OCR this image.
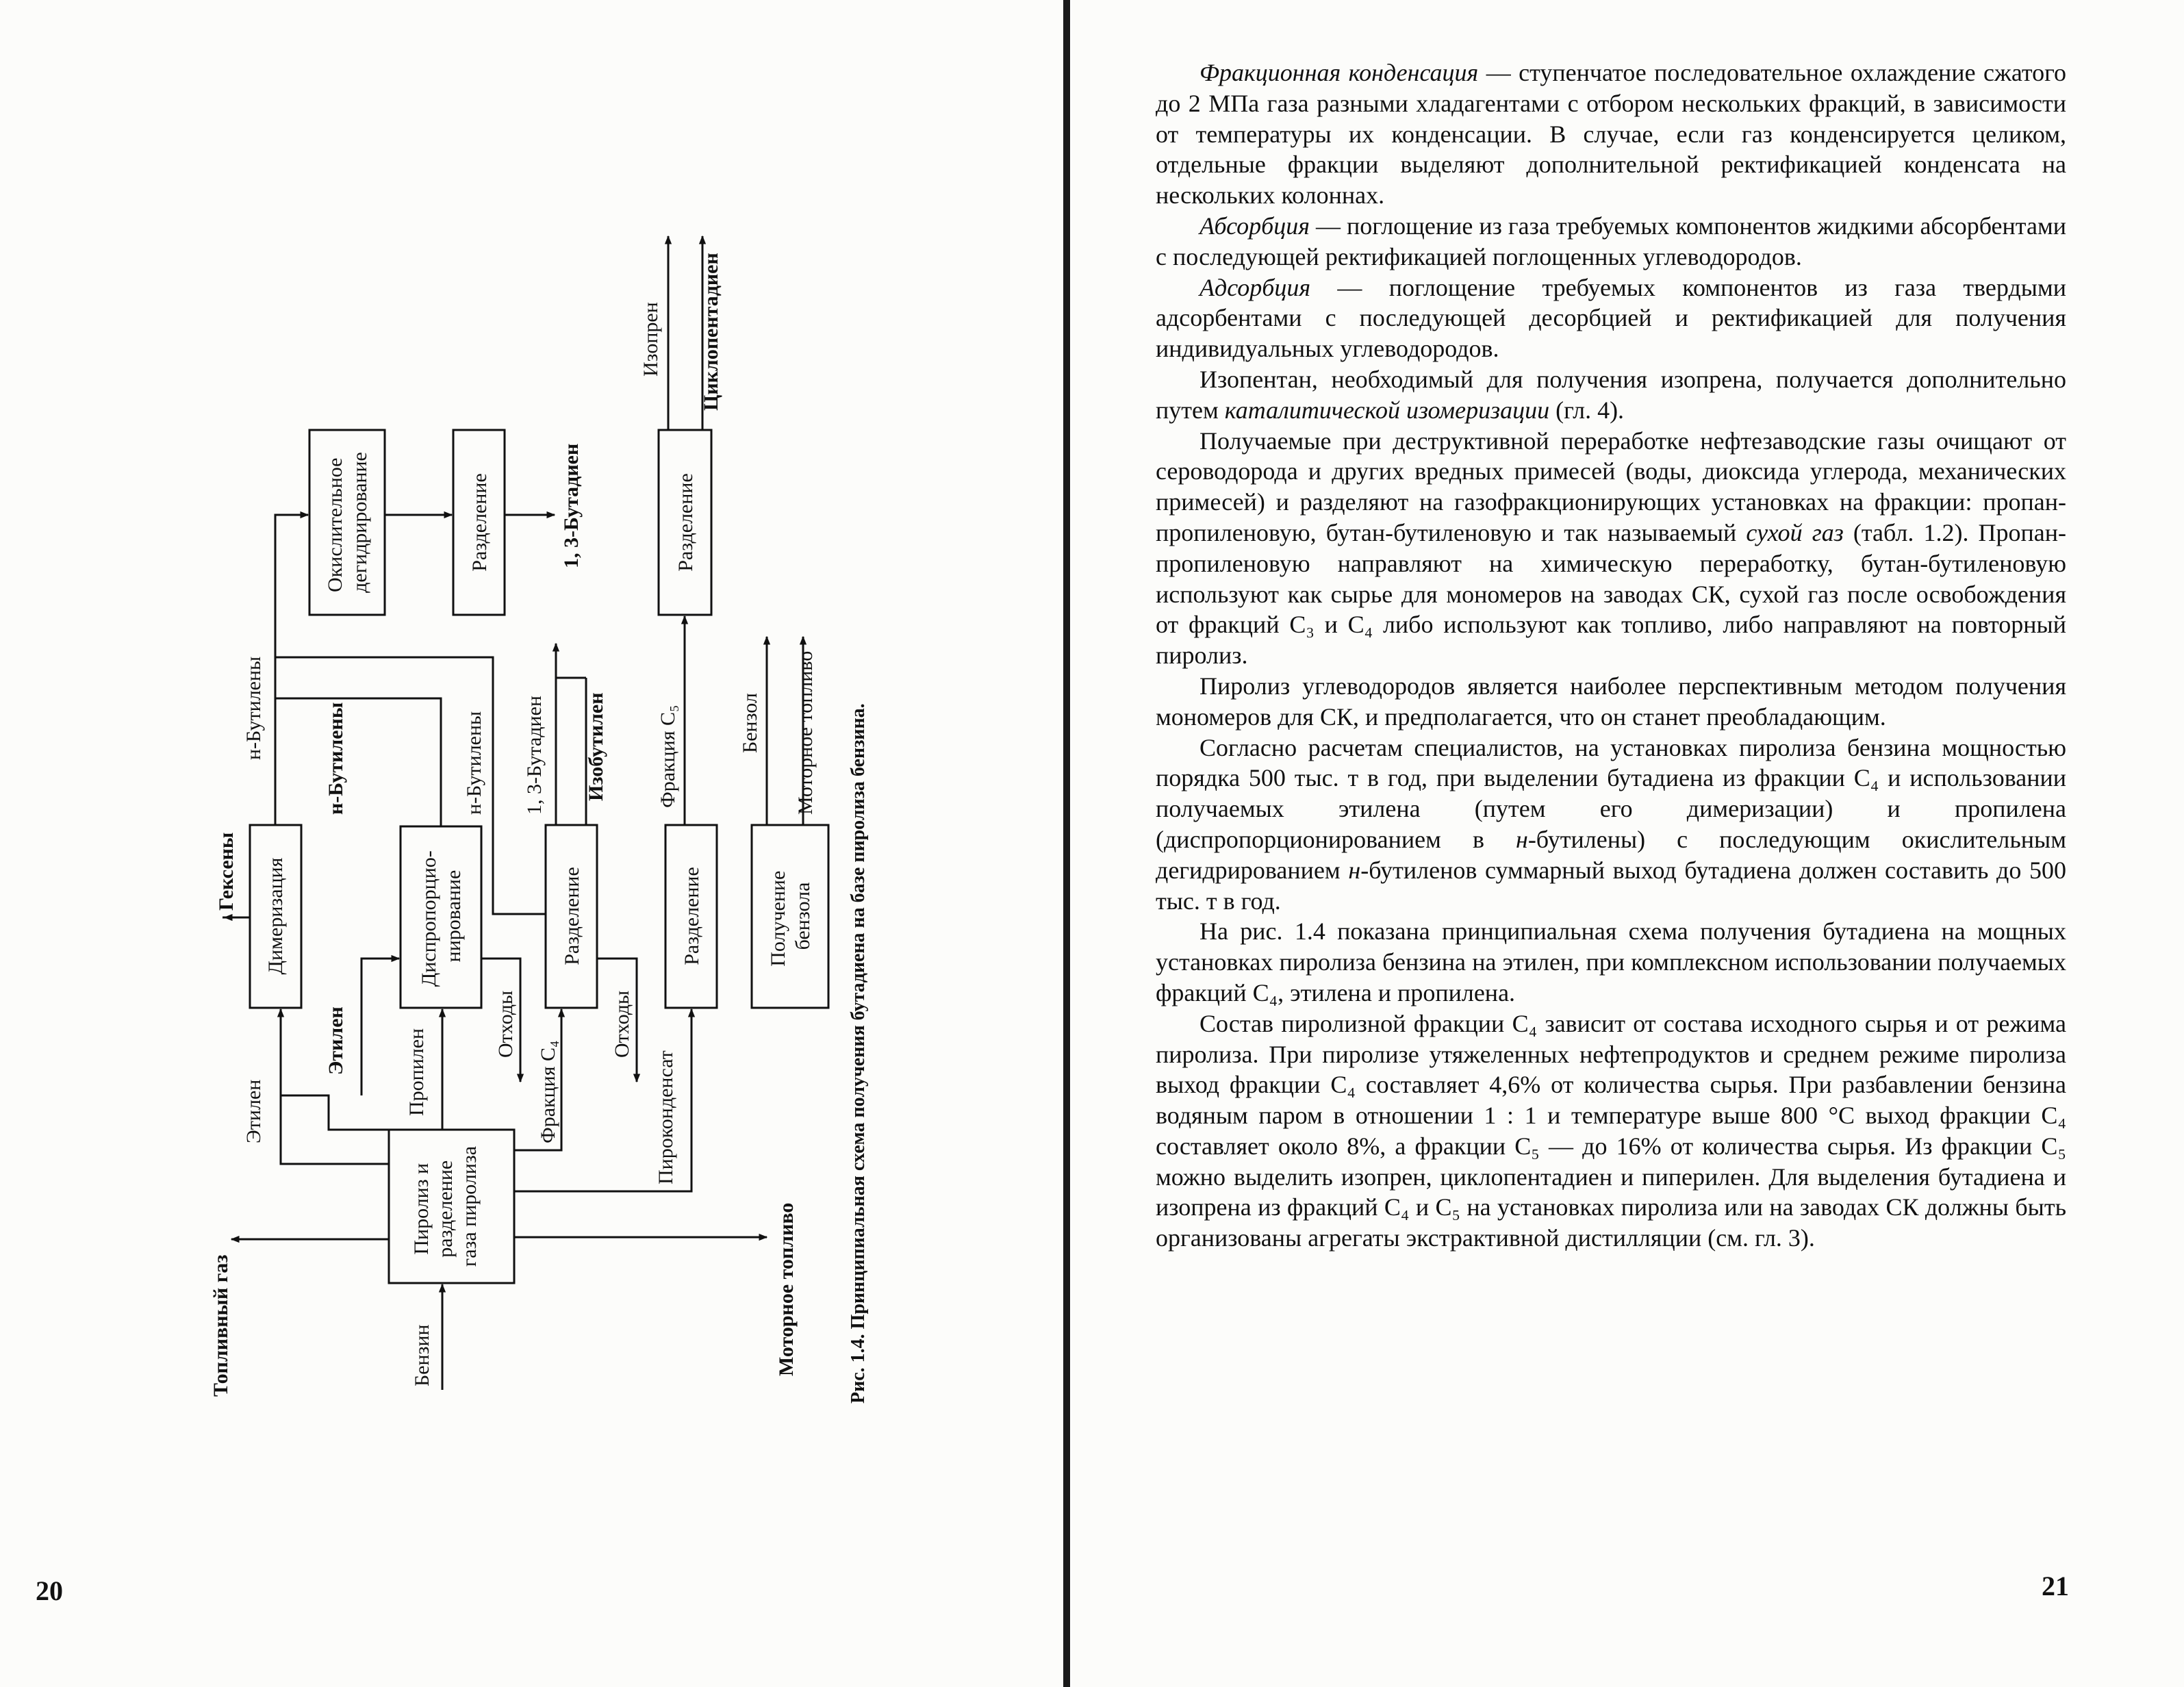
Пиролиз и разделение газа пиролиза
Димеризация	Диспропорцио- нирование	Разделение	Разделение	Получение бензола
Окислительное дегидрирование	Разделение	Разделение
Бензин
Топливный газ	Моторное топливо
Этилен
Этилен	Пропилен	Фракция C₄
Отходы	Отходы
Пироконденсат
Гексены
н-Бутилены	н-Бутилены	н-Бутилены 1, 3-Бутадиен Изобутилен
1, 3-Бутадиен
Фракция C₅	Бензол Моторное топливо
Изопрен Циклопентадиен
Рис. 1.4. Принципиальная схема получения бутадиена на базе пиролиза бензина.
20	21

Фракционная конденсация — ступенчатое последовательное охлаждение сжатого до 2 МПа газа разными хладагентами с отбором нескольких фракций, в зависимости от температуры их конденсации. В случае, если газ конденсируется целиком, отдельные фракции выделяют дополнительной ректификацией конденсата на нескольких колоннах.

Абсорбция — поглощение из газа требуемых компонентов жидкими абсорбентами с последующей ректификацией поглощенных углеводородов.

Адсорбция — поглощение требуемых компонентов из газа твердыми адсорбентами с последующей десорбцией и ректификацией для получения индивидуальных углеводородов.

Изопентан, необходимый для получения изопрена, получается дополнительно путем каталитической изомеризации (гл. 4).

Получаемые при деструктивной переработке нефтезаводские газы очищают от сероводорода и других вредных примесей (воды, диоксида углерода, механических примесей) и разделяют на газофракционирующих установках на фракции: пропан-пропиленовую, бутан-бутиленовую и так называемый сухой газ (табл. 1.2). Пропан-пропиленовую направляют на химическую переработку, бутан-бутиленовую используют как сырье для мономеров на заводах СК, сухой газ после освобождения от фракций С₃ и С₄ либо используют как топливо, либо направляют на повторный пиролиз.

Пиролиз углеводородов является наиболее перспективным методом получения мономеров для СК, и предполагается, что он станет преобладающим.

Согласно расчетам специалистов, на установках пиролиза бензина мощностью порядка 500 тыс. т в год, при выделении бутадиена из фракции С₄ и использовании получаемых этилена (путем его димеризации) и пропилена (диспропорционированием в н-бутилены) с последующим окислительным дегидрированием н-бутиленов суммарный выход бутадиена должен составить до 500 тыс. т в год.

На рис. 1.4 показана принципиальная схема получения бутадиена на мощных установках пиролиза бензина на этилен, при комплексном использовании получаемых фракций С₄, этилена и пропилена.

Состав пиролизной фракции С₄ зависит от состава исходного сырья и от режима пиролиза. При пиролизе утяжеленных нефтепродуктов и среднем режиме пиролиза выход фракции С₄ составляет 4,6% от количества сырья. При разбавлении бензина водяным паром в отношении 1 : 1 и температуре выше 800 °С выход фракции С₄ составляет около 8%, а фракции С₅ — до 16% от количества сырья. Из фракции С₅ можно выделить изопрен, циклопентадиен и пиперилен. Для выделения бутадиена и изопрена из фракций С₄ и С₅ на установках пиролиза или на заводах СК должны быть организованы агрегаты экстрактивной дистилляции (см. гл. 3).
